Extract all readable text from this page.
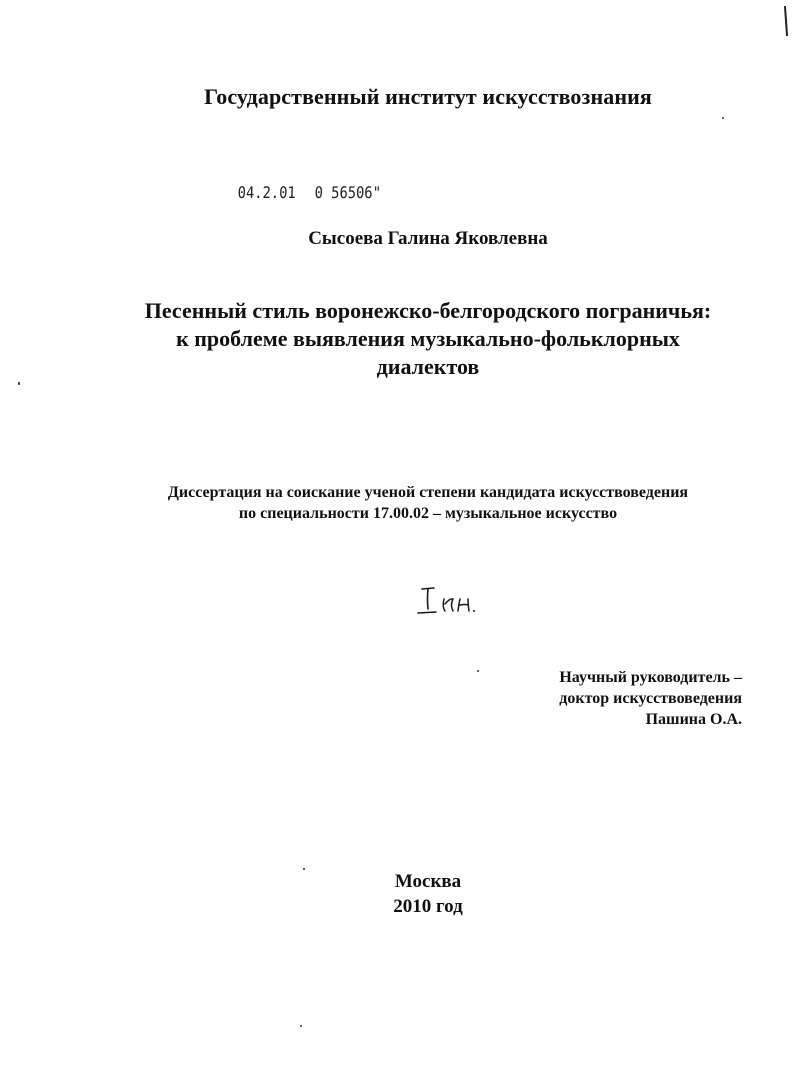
Государственный институт искусствознания
04.2.01 0 56506"
Сысоева Галина Яковлевна
Песенный стиль воронежско-белгородского пограничья:
к проблеме выявления музыкально-фольклорных
диалектов
Диссертация на соискание ученой степени кандидата искусствоведения
по специальности 17.00.02 – музыкальное искусство
Научный руководитель –
доктор искусствоведения
Пашина О.А.
Москва
2010 год
